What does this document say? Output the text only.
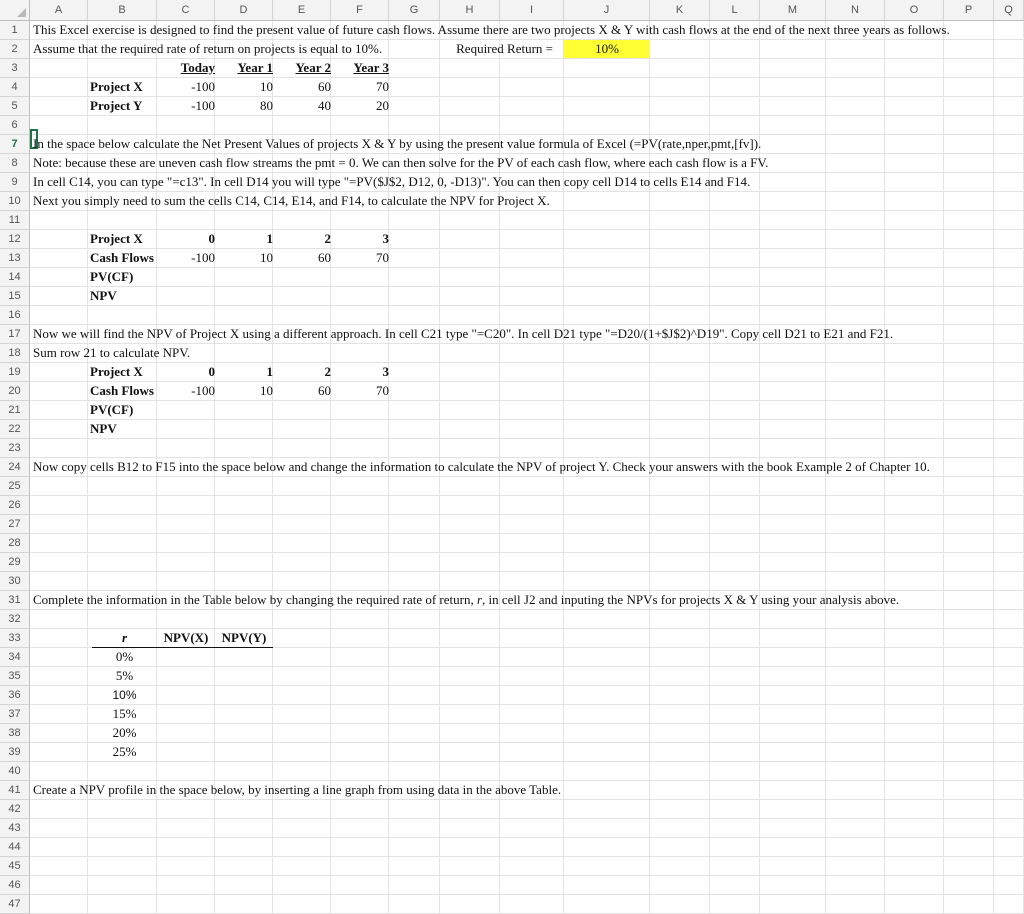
A	B	C	D	E	F	G	H	I	J	K	L	M	N	O	P	Q
1
2
3
4
5
6
7
8
9
10
11
12
13
14
15
16
17
18
19
20
21
22
23
24
25
26
27
28
29
30
31
32
33
34
35
36
37
38
39
40
41
42
43
44
45
46
47
This Excel exercise is designed to find the present value of future cash flows. Assume there are two projects X & Y with cash flows at the end of the next three years as follows.
Assume that the required rate of return on projects is equal to 10%.	Required Return =	10%
Today	Year 1	Year 2	Year 3
Project X	-100	10	60	70
Project Y	-100	80	40	20
In the space below calculate the Net Present Values of projects X & Y by using the present value formula of Excel (=PV(rate,nper,pmt,[fv]).
Note: because these are uneven cash flow streams the pmt = 0. We can then solve for the PV of each cash flow, where each cash flow is a FV.
In cell C14, you can type "=c13". In cell D14 you will type "=PV($J$2, D12, 0, -D13)". You can then copy cell D14 to cells E14 and F14.
Next you simply need to sum the cells C14, C14, E14, and F14, to calculate the NPV for Project X.
Project X	0	1	2	3
Cash Flows	-100	10	60	70
PV(CF)
NPV
Now we will find the NPV of Project X using a different approach. In cell C21 type "=C20". In cell D21 type "=D20/(1+$J$2)^D19". Copy cell D21 to E21 and F21.
Sum row 21 to calculate NPV.
Project X	0	1	2	3
Cash Flows	-100	10	60	70
PV(CF)
NPV
Now copy cells B12 to F15 into the space below and change the information to calculate the NPV of project Y. Check your answers with the book Example 2 of Chapter 10.
Complete the information in the Table below by changing the required rate of return, r, in cell J2 and inputing the NPVs for projects X & Y using your analysis above.
r	NPV(X)	NPV(Y)
0%
5%
10%
15%
20%
25%
Create a NPV profile in the space below, by inserting a line graph from using data in the above Table.
